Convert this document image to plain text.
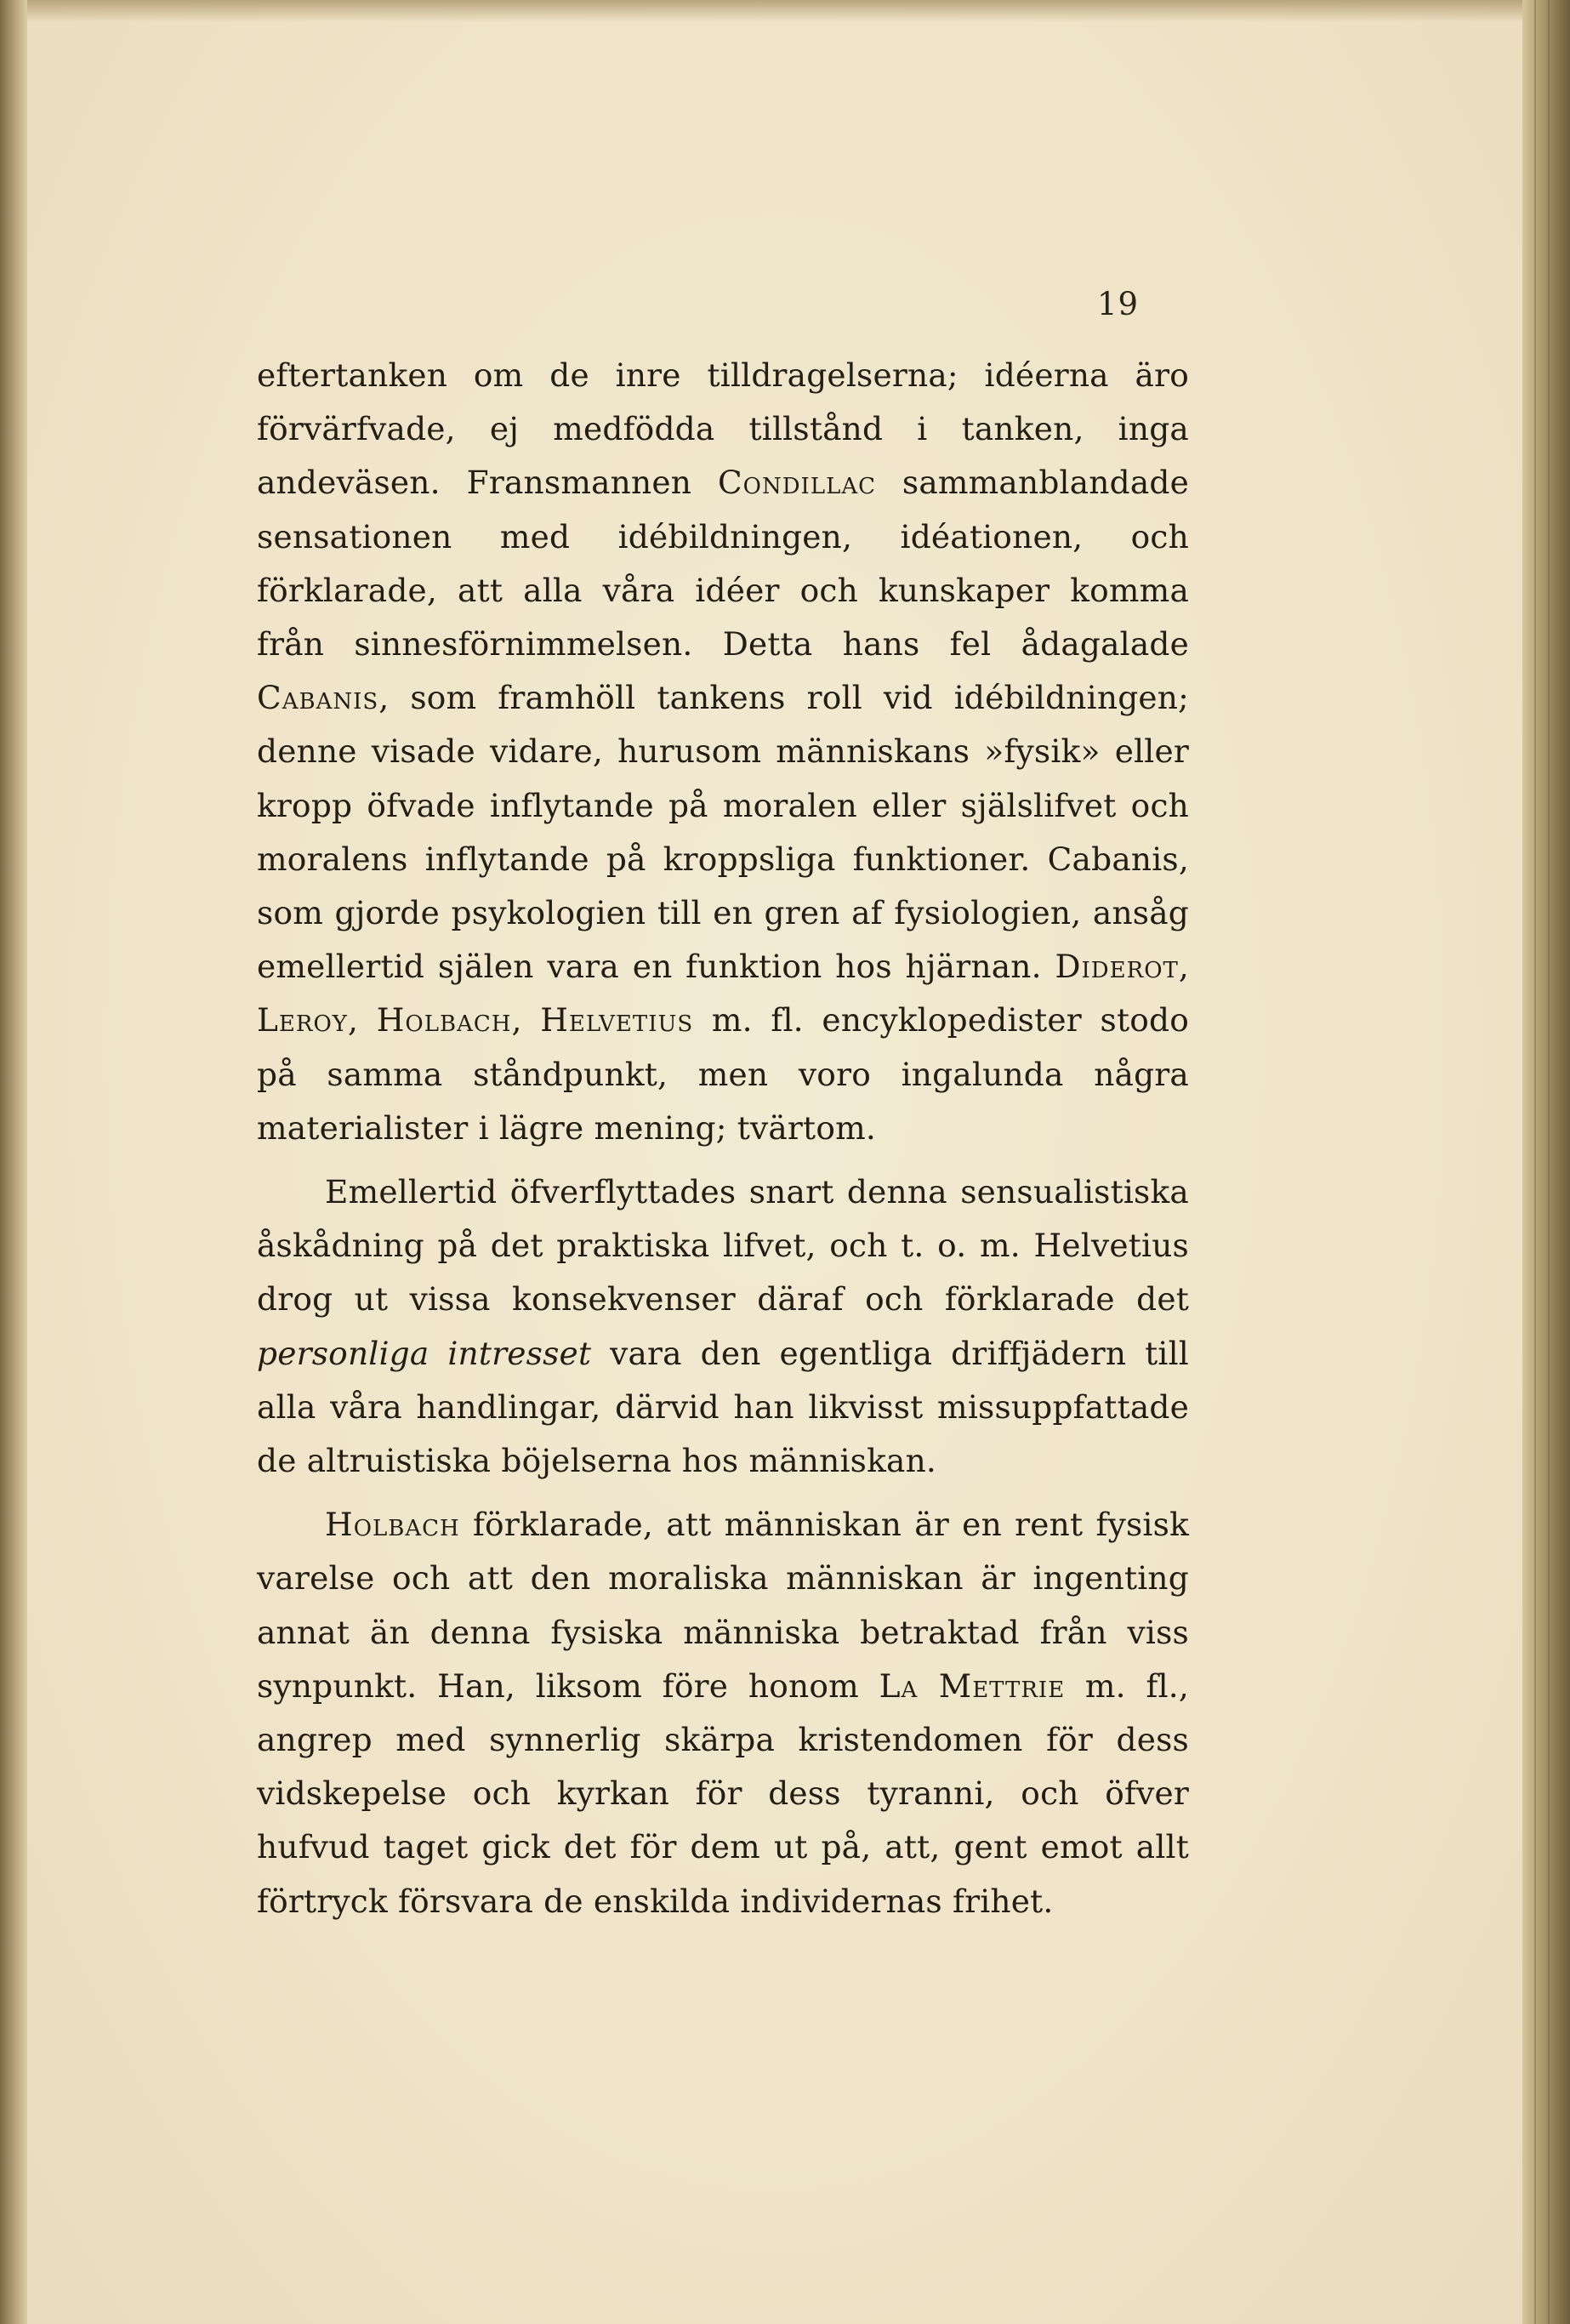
19

eftertanken om de inre tilldragelserna; idéerna äro förvärfvade, ej medfödda tillstånd i tanken, inga andeväsen. Fransmannen Condillac sammanblandade sensationen med idébildningen, idéationen, och förklarade, att alla våra idéer och kunskaper komma från sinnesförnimmelsen. Detta hans fel ådagalade Cabanis, som framhöll tankens roll vid idébildningen; denne visade vidare, hurusom människans »fysik» eller kropp öfvade inflytande på moralen eller själslifvet och moralens inflytande på kroppsliga funktioner. Cabanis, som gjorde psykologien till en gren af fysiologien, ansåg emellertid själen vara en funktion hos hjärnan. Diderot, Leroy, Holbach, Helvetius m. fl. encyklopedister stodo på samma ståndpunkt, men voro ingalunda några materialister i lägre mening; tvärtom.

Emellertid öfverflyttades snart denna sensualistiska åskådning på det praktiska lifvet, och t. o. m. Helvetius drog ut vissa konsekvenser däraf och förklarade det personliga intresset vara den egentliga driffjädern till alla våra handlingar, därvid han likvisst missuppfattade de altruistiska böjelserna hos människan.

Holbach förklarade, att människan är en rent fysisk varelse och att den moraliska människan är ingenting annat än denna fysiska människa betraktad från viss synpunkt. Han, liksom före honom La Mettrie m. fl., angrep med synnerlig skärpa kristendomen för dess vidskepelse och kyrkan för dess tyranni, och öfver hufvud taget gick det för dem ut på, att, gent emot allt förtryck försvara de enskilda individernas frihet.
